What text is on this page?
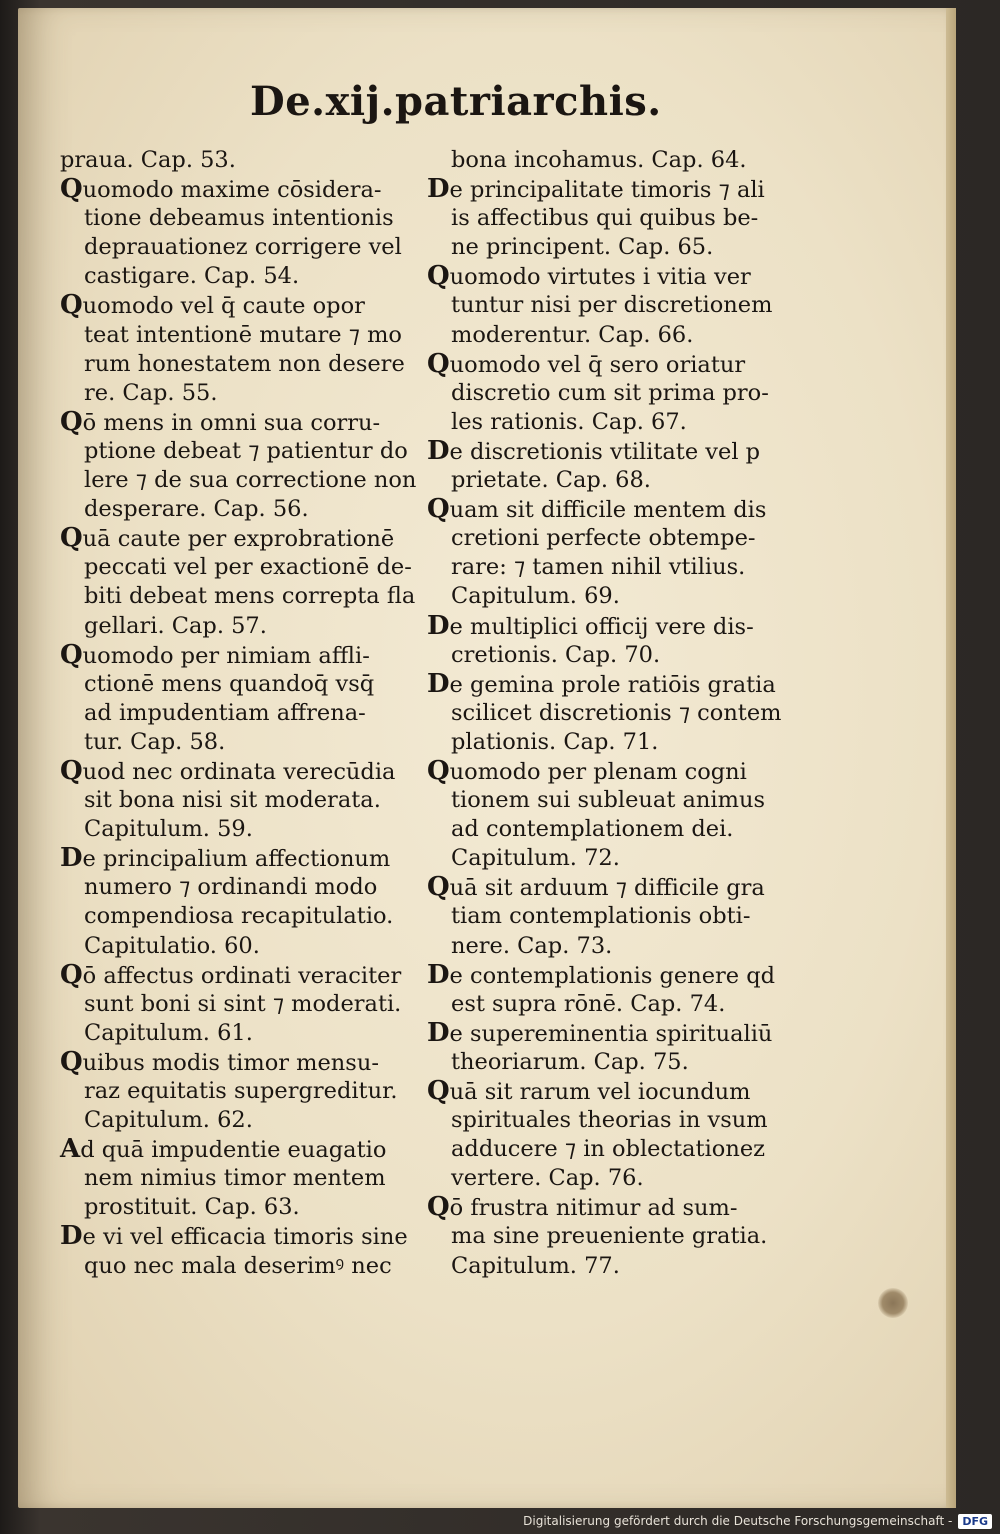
De.xij.patriarchis.
praua. Cap. 53.
Quomodo maxime cōsidera-
tione debeamus intentionis
deprauationez corrigere vel
castigare. Cap. 54.
Quomodo vel q̄ caute opor
teat intentionē mutare ⁊ mo
rum honestatem non desere
re. Cap. 55.
Qō mens in omni sua corru-
ptione debeat ⁊ patientur do
lere ⁊ de sua correctione non
desperare. Cap. 56.
Quā caute per exprobrationē
peccati vel per exactionē de-
biti debeat mens correpta fla
gellari. Cap. 57.
Quomodo per nimiam affli-
ctionē mens quandoq̄ vsq̄
ad impudentiam affrena-
tur. Cap. 58.
Quod nec ordinata verecūdia
sit bona nisi sit moderata.
Capitulum. 59.
De principalium affectionum
numero ⁊ ordinandi modo
compendiosa recapitulatio.
Capitulatio. 60.
Qō affectus ordinati veraciter
sunt boni si sint ⁊ moderati.
Capitulum. 61.
Quibus modis timor mensu-
raz equitatis supergreditur.
Capitulum. 62.
Ad quā impudentie euagatio
nem nimius timor mentem
prostituit. Cap. 63.
De vi vel efficacia timoris sine
quo nec mala deserimꝰ nec
bona incohamus. Cap. 64.
De principalitate timoris ⁊ ali
is affectibus qui quibus be-
ne principent. Cap. 65.
Quomodo virtutes i vitia ver
tuntur nisi per discretionem
moderentur. Cap. 66.
Quomodo vel q̄ sero oriatur
discretio cum sit prima pro-
les rationis. Cap. 67.
De discretionis vtilitate vel p
prietate. Cap. 68.
Quam sit difficile mentem dis
cretioni perfecte obtempe-
rare: ⁊ tamen nihil vtilius.
Capitulum. 69.
De multiplici officij vere dis-
cretionis. Cap. 70.
De gemina prole ratiōis gratia
scilicet discretionis ⁊ contem
plationis. Cap. 71.
Quomodo per plenam cogni
tionem sui subleuat animus
ad contemplationem dei.
Capitulum. 72.
Quā sit arduum ⁊ difficile gra
tiam contemplationis obti-
nere. Cap. 73.
De contemplationis genere qd
est supra rōnē. Cap. 74.
De supereminentia spiritualiū
theoriarum. Cap. 75.
Quā sit rarum vel iocundum
spirituales theorias in vsum
adducere ⁊ in oblectationez
vertere. Cap. 76.
Qō frustra nitimur ad sum-
ma sine preueniente gratia.
Capitulum. 77.
Digitalisierung gefördert durch die Deutsche Forschungsgemeinschaft - DFG
